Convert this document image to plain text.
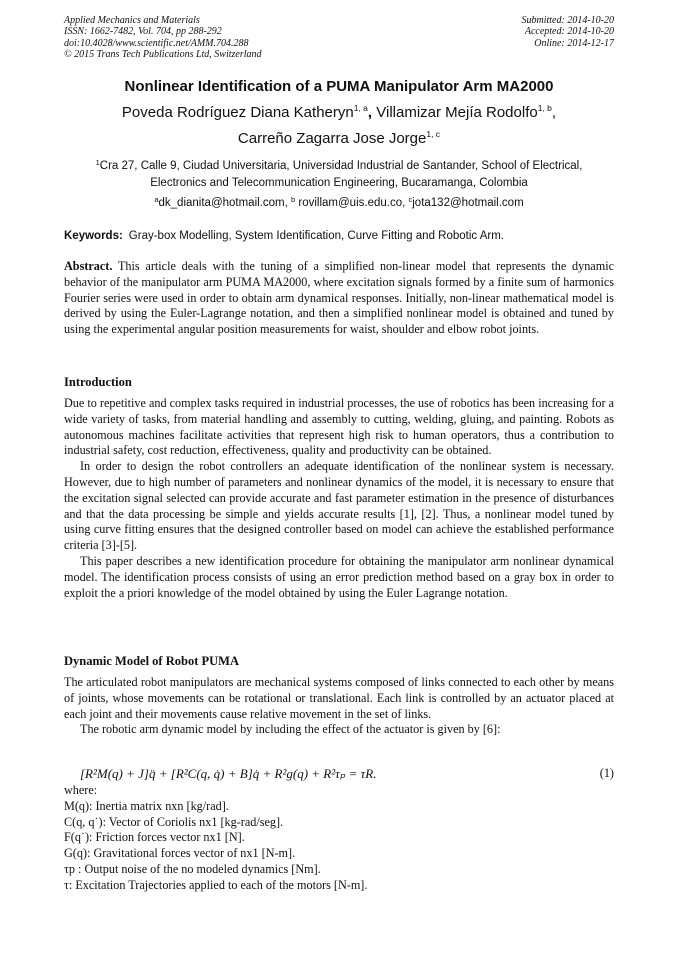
Applied Mechanics and Materials
ISSN: 1662-7482, Vol. 704, pp 288-292
doi:10.4028/www.scientific.net/AMM.704.288
© 2015 Trans Tech Publications Ltd, Switzerland
Submitted: 2014-10-20
Accepted: 2014-10-20
Online: 2014-12-17
Nonlinear Identification of a PUMA Manipulator Arm MA2000
Poveda Rodríguez Diana Katheryn$^{1, a}$, Villamizar Mejía Rodolfo$^{1, b}$,
Carreño Zagarra Jose Jorge$^{1, c}$
$^1$Cra 27, Calle 9, Ciudad Universitaria, Universidad Industrial de Santander, School of Electrical,
Electronics and Telecommunication Engineering, Bucaramanga, Colombia
$^a$dk_dianita@hotmail.com, $^b$ rovillam@uis.edu.co, $^c$jota132@hotmail.com
Keywords: Gray-box Modelling, System Identification, Curve Fitting and Robotic Arm.

Abstract. This article deals with the tuning of a simplified non-linear model that represents the dynamic behavior of the manipulator arm PUMA MA2000, where excitation signals formed by a finite sum of harmonics Fourier series were used in order to obtain arm dynamical responses. Initially, non-linear mathematical model is derived by using the Euler-Lagrange notation, and then a simplified nonlinear model is obtained and tuned by using the experimental angular position measurements for waist, shoulder and elbow robot joints.

Introduction

Due to repetitive and complex tasks required in industrial processes, the use of robotics has been increasing for a wide variety of tasks, from material handling and assembly to cutting, welding, gluing, and painting. Robots as autonomous machines facilitate activities that represent high risk to human operators, thus a contribution to industrial safety, cost reduction, effectiveness, quality and productivity can be obtained.

In order to design the robot controllers an adequate identification of the nonlinear system is necessary. However, due to high number of parameters and nonlinear dynamics of the model, it is necessary to ensure that the excitation signal selected can provide accurate and fast parameter estimation in the presence of disturbances and that the data processing be simple and yields accurate results [1], [2]. Thus, a nonlinear model tuned by using curve fitting ensures that the designed controller based on model can achieve the established performance criteria [3]-[5].

This paper describes a new identification procedure for obtaining the manipulator arm nonlinear dynamical model. The identification process consists of using an error prediction method based on a gray box in order to exploit the a priori knowledge of the model obtained by using the Euler Lagrange notation.

Dynamic Model of Robot PUMA

The articulated robot manipulators are mechanical systems composed of links connected to each other by means of joints, whose movements can be rotational or translational. Each link is controlled by an actuator placed at each joint and their movements cause relative movement in the set of links.

The robotic arm dynamic model by including the effect of the actuator is given by [6]:

[R²M(q) + J]q̈ + [R²C(q, q̇) + B]q̇ + R²g(q) + R²τₚ = τR.	(1)
where:
M(q): Inertia matrix nxn [kg/rad].
C(q, q˙): Vector of Coriolis nx1 [kg-rad/seg].
F(q˙): Friction forces vector nx1 [N].
G(q): Gravitational forces vector of nx1 [N-m].
τp : Output noise of the no modeled dynamics [Nm].
τ: Excitation Trajectories applied to each of the motors [N-m].
